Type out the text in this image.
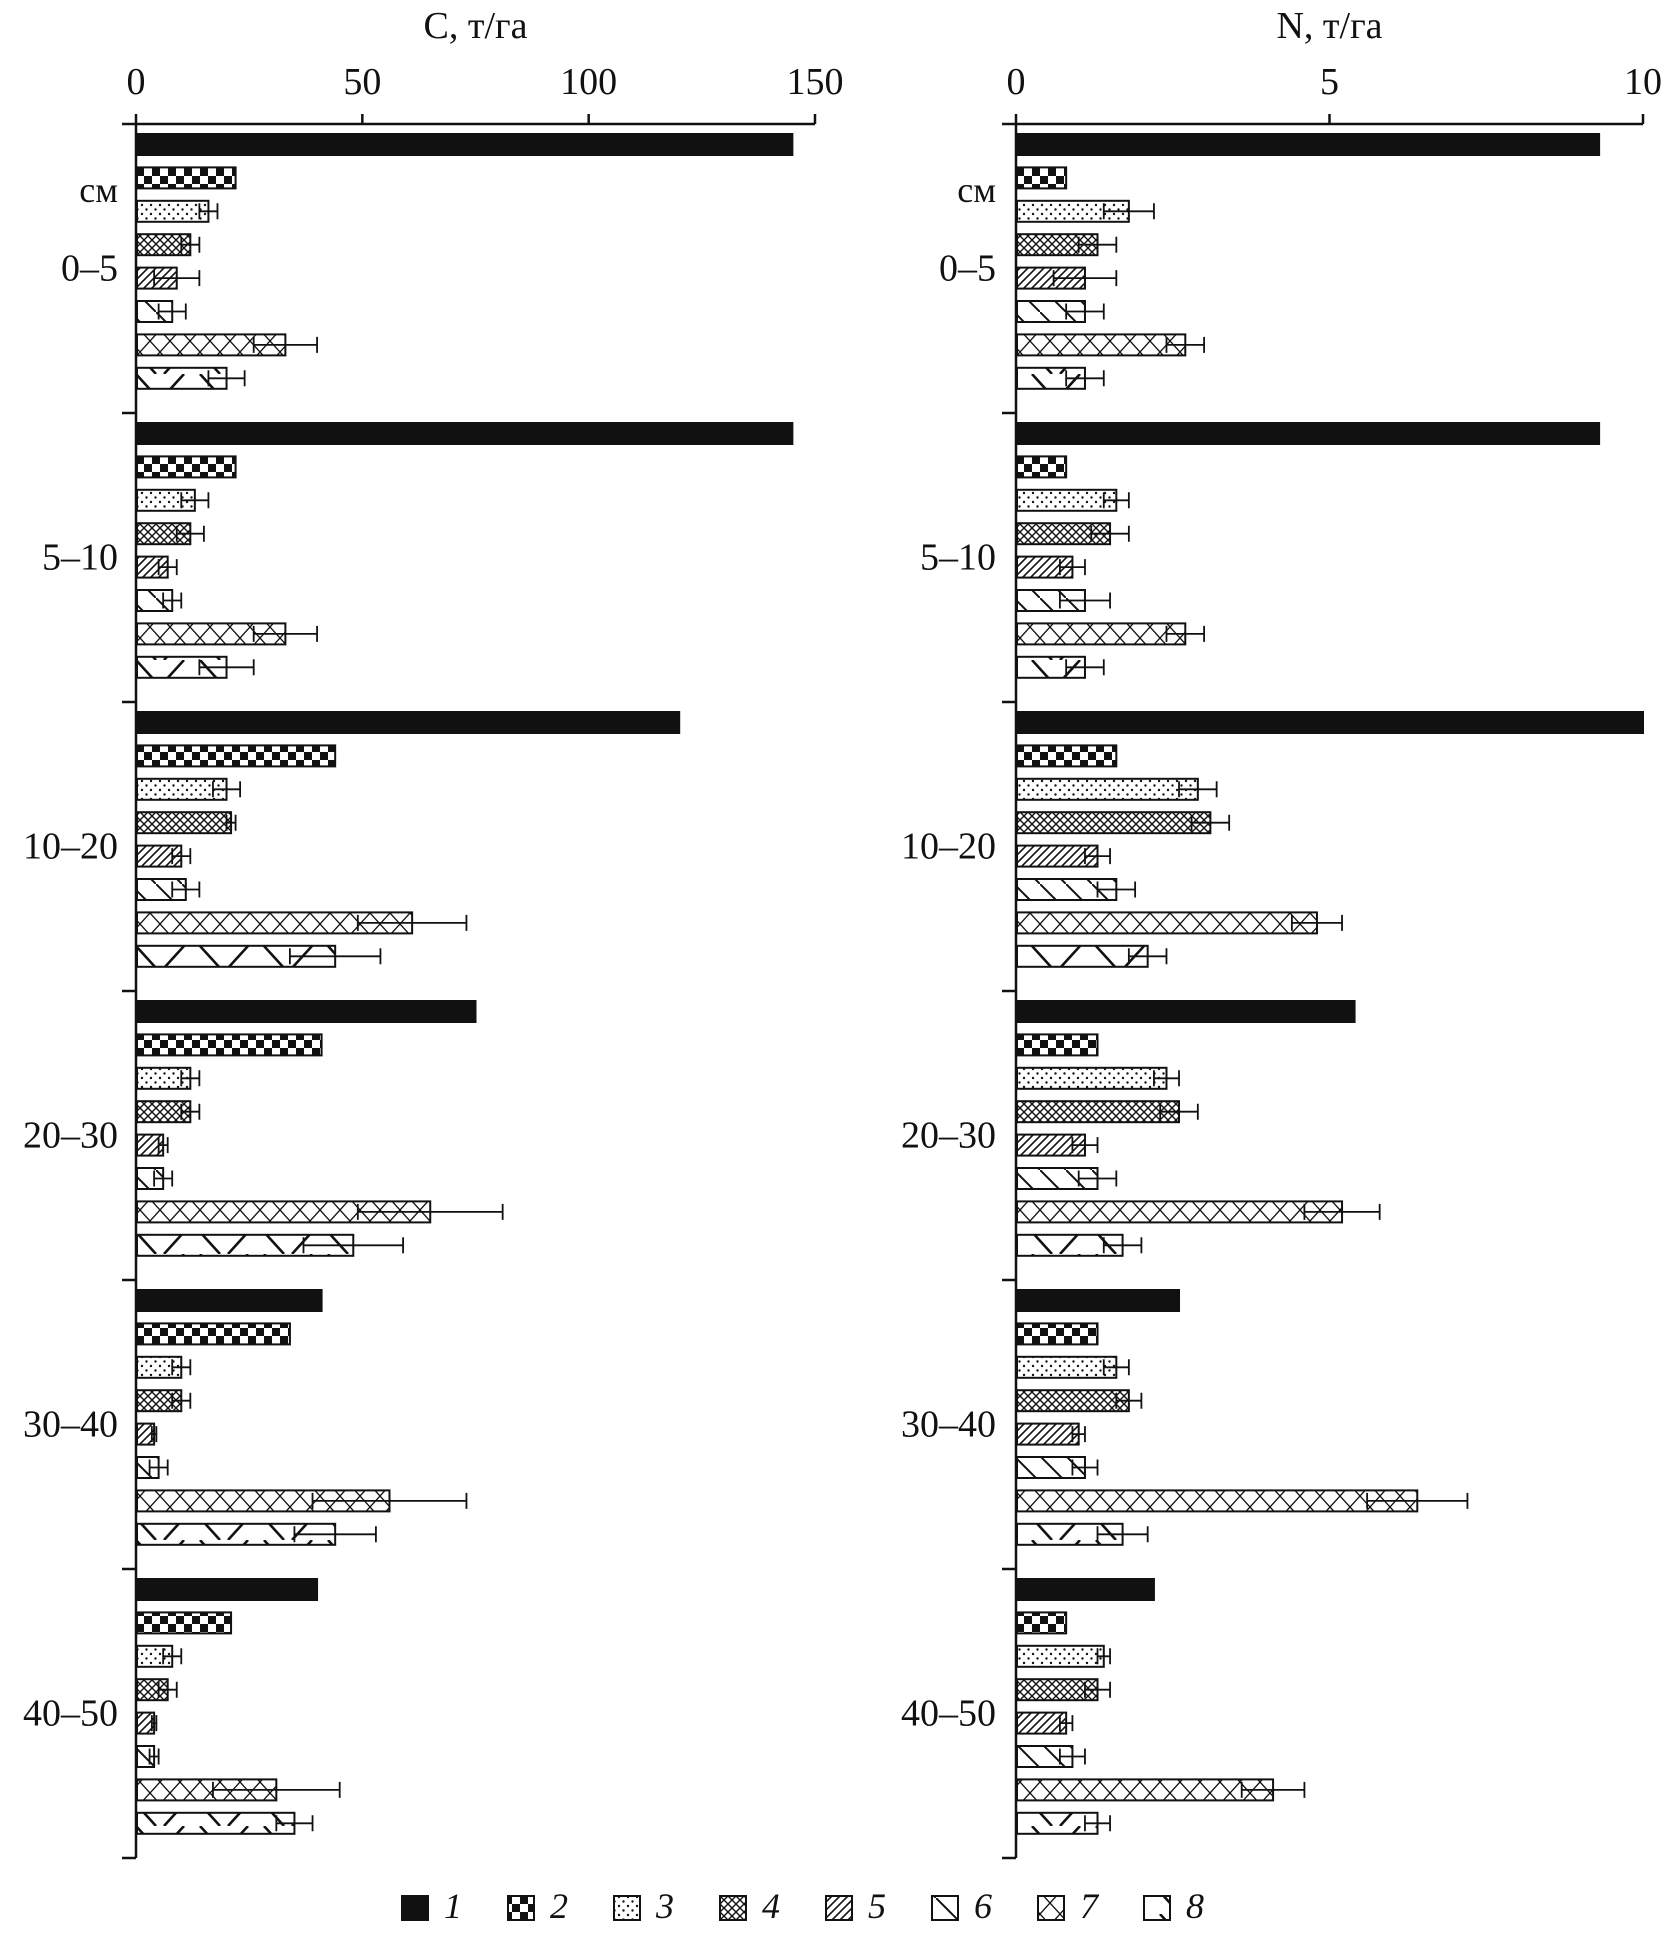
C, т/га
0	50	100	150
см
0–5
5–10
10–20
20–30
30–40
40–50
N, т/га
0	5	10
см
0–5
5–10
10–20
20–30
30–40
40–50
1 2 3 4 5 6 7 8
